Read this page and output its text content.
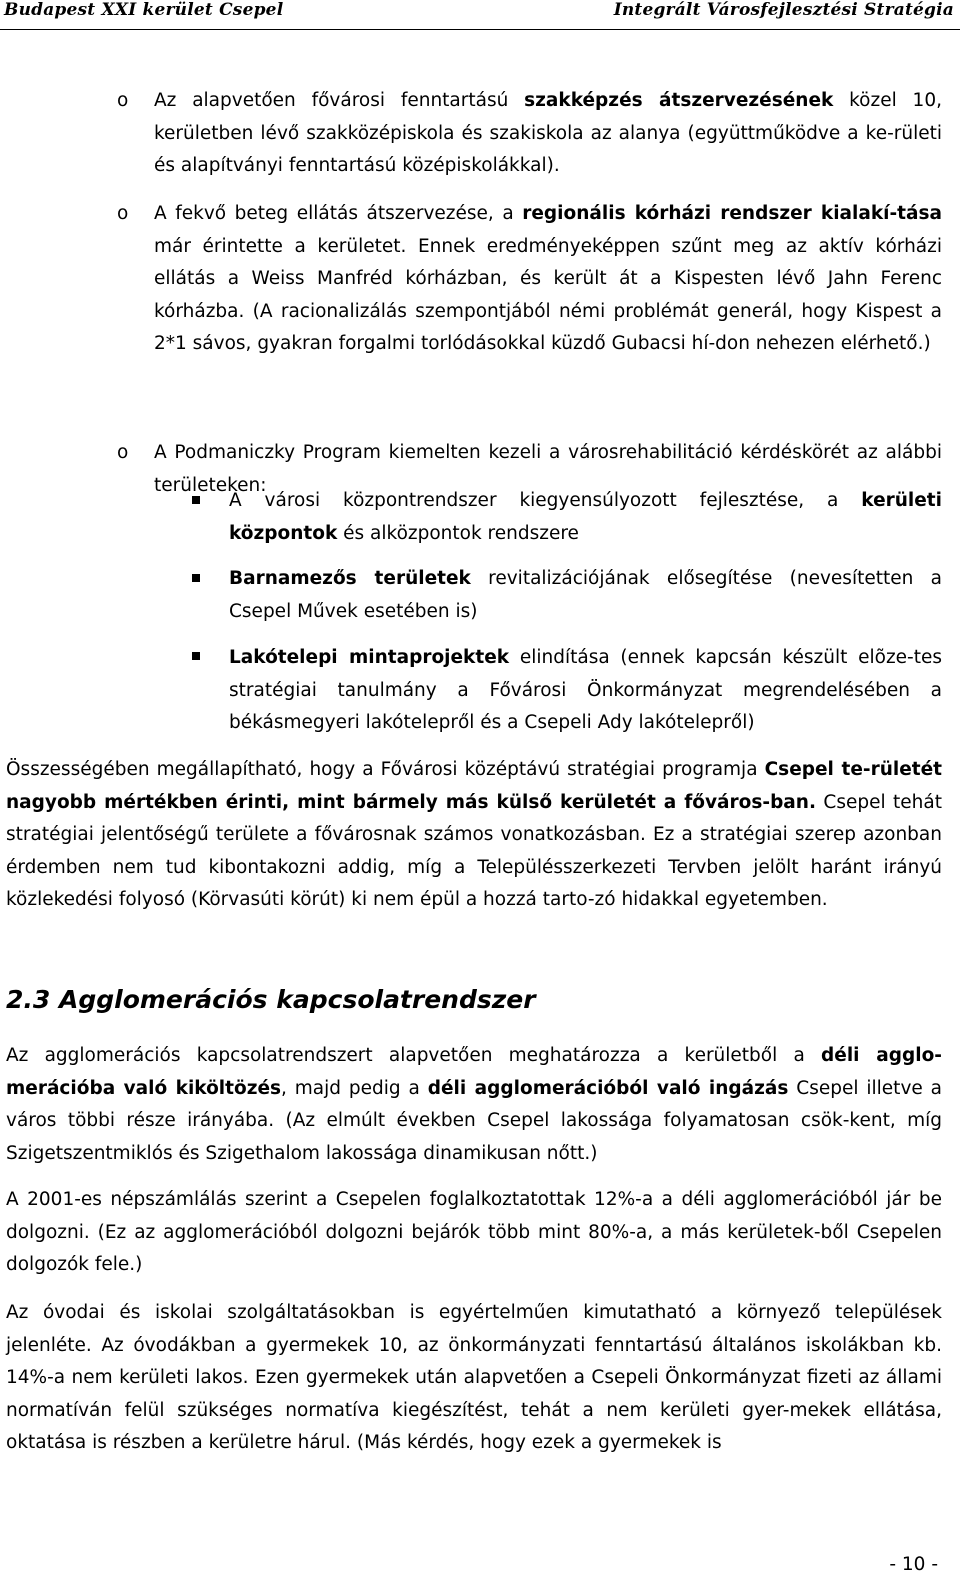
Budapest XXI kerület Csepel	Integrált Városfejlesztési Stratégia
o Az alapvetően fővárosi fenntartású szakképzés átszervezésének közel 10, kerületben lévő szakközépiskola és szakiskola az alanya (együttműködve a ke-rületi és alapítványi fenntartású középiskolákkal).
o A fekvő beteg ellátás átszervezése, a regionális kórházi rendszer kialakí-tása már érintette a kerületet. Ennek eredményeképpen szűnt meg az aktív kórházi ellátás a Weiss Manfréd kórházban, és került át a Kispesten lévő Jahn Ferenc kórházba. (A racionalizálás szempontjából némi problémát generál, hogy Kispest a 2*1 sávos, gyakran forgalmi torlódásokkal küzdő Gubacsi hí-don nehezen elérhető.)
o A Podmaniczky Program kiemelten kezeli a városrehabilitáció kérdéskörét az alábbi területeken:
A városi központrendszer kiegyensúlyozott fejlesztése, a kerületi központok és alközpontok rendszere
Barnamezős területek revitalizációjának elősegítése (nevesítetten a Csepel Művek esetében is)
Lakótelepi mintaprojektek elindítása (ennek kapcsán készült elõze-tes stratégiai tanulmány a Fővárosi Önkormányzat megrendelésében a békásmegyeri lakótelepről és a Csepeli Ady lakótelepről)
Összességében megállapítható, hogy a Fővárosi középtávú stratégiai programja Csepel te-rületét nagyobb mértékben érinti, mint bármely más külső kerületét a főváros-ban. Csepel tehát stratégiai jelentőségű területe a fővárosnak számos vonatkozásban. Ez a stratégiai szerep azonban érdemben nem tud kibontakozni addig, míg a Településszerkezeti Tervben jelölt haránt irányú közlekedési folyosó (Körvasúti körút) ki nem épül a hozzá tarto-zó hidakkal egyetemben.
2.3 Agglomerációs kapcsolatrendszer
Az agglomerációs kapcsolatrendszert alapvetően meghatározza a kerületből a déli agglo-merációba való kiköltözés, majd pedig a déli agglomerációból való ingázás Csepel illetve a város többi része irányába. (Az elmúlt években Csepel lakossága folyamatosan csök-kent, míg Szigetszentmiklós és Szigethalom lakossága dinamikusan nőtt.)
A 2001-es népszámlálás szerint a Csepelen foglalkoztatottak 12%-a a déli agglomerációból jár be dolgozni. (Ez az agglomerációból dolgozni bejárók több mint 80%-a, a más kerületek-ből Csepelen dolgozók fele.)
Az óvodai és iskolai szolgáltatásokban is egyértelműen kimutatható a környező települések jelenléte. Az óvodákban a gyermekek 10, az önkormányzati fenntartású általános iskolákban kb. 14%-a nem kerületi lakos. Ezen gyermekek után alapvetően a Csepeli Önkormányzat fizeti az állami normatíván felül szükséges normatíva kiegészítést, tehát a nem kerületi gyer-mekek ellátása, oktatása is részben a kerületre hárul. (Más kérdés, hogy ezek a gyermekek is
- 10 -
